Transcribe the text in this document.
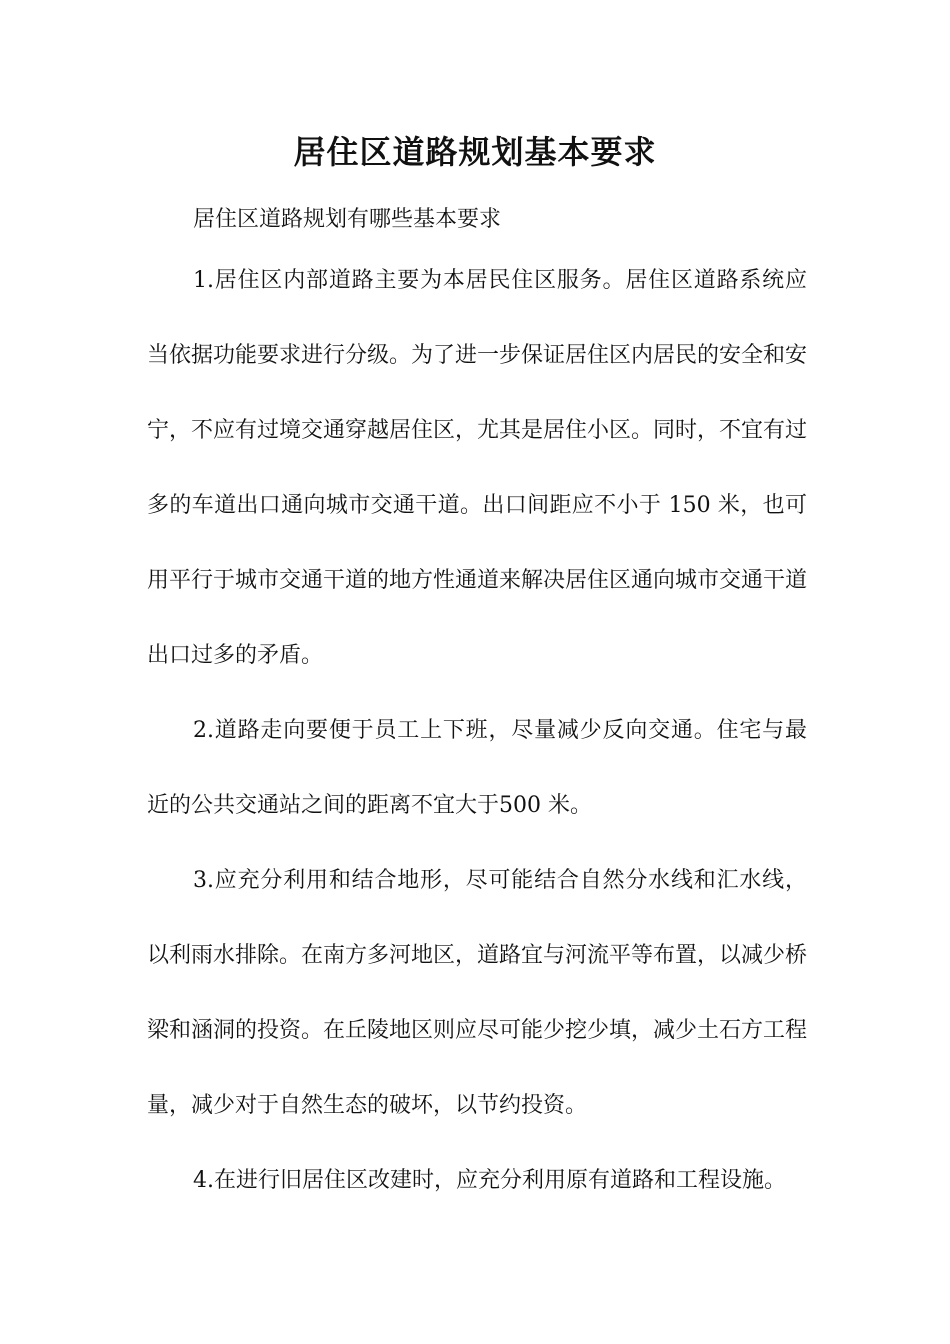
居住区道路规划基本要求
居住区道路规划有哪些基本要求

1.居住区内部道路主要为本居民住区服务。居住区道路系统应当依据功能要求进行分级。为了进一步保证居住区内居民的安全和安宁，不应有过境交通穿越居住区，尤其是居住小区。同时，不宜有过多的车道出口通向城市交通干道。出口间距应不小于 150 米，也可用平行于城市交通干道的地方性通道来解决居住区通向城市交通干道出口过多的矛盾。

2.道路走向要便于员工上下班，尽量减少反向交通。住宅与最近的公共交通站之间的距离不宜大于500 米。

3.应充分利用和结合地形，尽可能结合自然分水线和汇水线，以利雨水排除。在南方多河地区，道路宜与河流平等布置，以减少桥梁和涵洞的投资。在丘陵地区则应尽可能少挖少填，减少土石方工程量，减少对于自然生态的破坏，以节约投资。

4.在进行旧居住区改建时，应充分利用原有道路和工程设施。
